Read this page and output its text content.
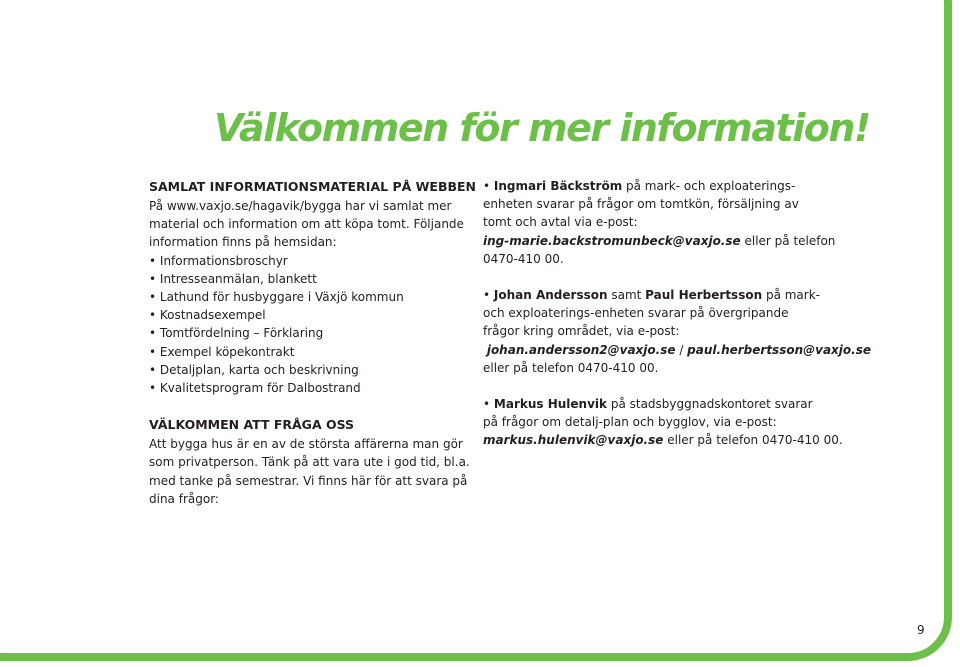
Välkommen för mer information!
SAMLAT INFORMATIONSMATERIAL PÅ WEBBEN
På www.vaxjo.se/hagavik/bygga har vi samlat mer
material och information om att köpa tomt. Följande
information finns på hemsidan:
• Informationsbroschyr
• Intresseanmälan, blankett
• Lathund för husbyggare i Växjö kommun
• Kostnadsexempel
• Tomtfördelning – Förklaring
• Exempel köpekontrakt
• Detaljplan, karta och beskrivning
• Kvalitetsprogram för Dalbostrand
VÄLKOMMEN ATT FRÅGA OSS
Att bygga hus är en av de största affärerna man gör
som privatperson. Tänk på att vara ute i god tid, bl.a.
med tanke på semestrar. Vi finns här för att svara på
dina frågor:
• Ingmari Bäckström på mark- och exploaterings-
enheten svarar på frågor om tomtkön, försäljning av
tomt och avtal via e-post:
ing-marie.backstromunbeck@vaxjo.se eller på telefon
0470-410 00.
• Johan Andersson samt Paul Herbertsson på mark-
och exploaterings-enheten svarar på övergripande
frågor kring området, via e-post:
johan.andersson2@vaxjo.se / paul.herbertsson@vaxjo.se
eller på telefon 0470-410 00.
• Markus Hulenvik på stadsbyggnadskontoret svarar
på frågor om detalj-plan och bygglov, via e-post:
markus.hulenvik@vaxjo.se eller på telefon 0470-410 00.
9
